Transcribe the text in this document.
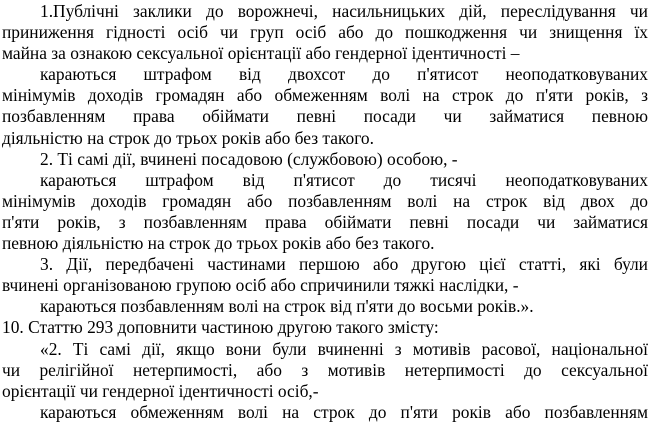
1.Публічні заклики до ворожнечі, насильницьких дій, переслідування чи
приниження гідності осіб чи груп осіб або до пошкодження чи знищення їх
майна за ознакою сексуальної орієнтації або гендерної ідентичності –
караються штрафом від двохсот до п'ятисот неоподатковуваних
мінімумів доходів громадян або обмеженням волі на строк до п'яти років, з
позбавленням права обіймати певні посади чи займатися певною
діяльністю на строк до трьох років або без такого.
2. Ті самі дії, вчинені посадовою (службовою) особою, -
караються штрафом від п'ятисот до тисячі неоподатковуваних
мінімумів доходів громадян або позбавленням волі на строк від двох до
п'яти років, з позбавленням права обіймати певні посади чи займатися
певною діяльністю на строк до трьох років або без такого.
3. Дії, передбачені частинами першою або другою цієї статті, які були
вчинені організованою групою осіб або спричинили тяжкі наслідки, -
караються позбавленням волі на строк від п'яти до восьми років.».
10. Статтю 293 доповнити частиною другою такого змісту:
«2. Ті самі дії, якщо вони були вчиненні з мотивів расової, національної
чи релігійної нетерпимості, або з мотивів нетерпимості до сексуальної
орієнтації чи гендерної ідентичності осіб,-
караються обмеженням волі на строк до п'яти років або позбавленням
